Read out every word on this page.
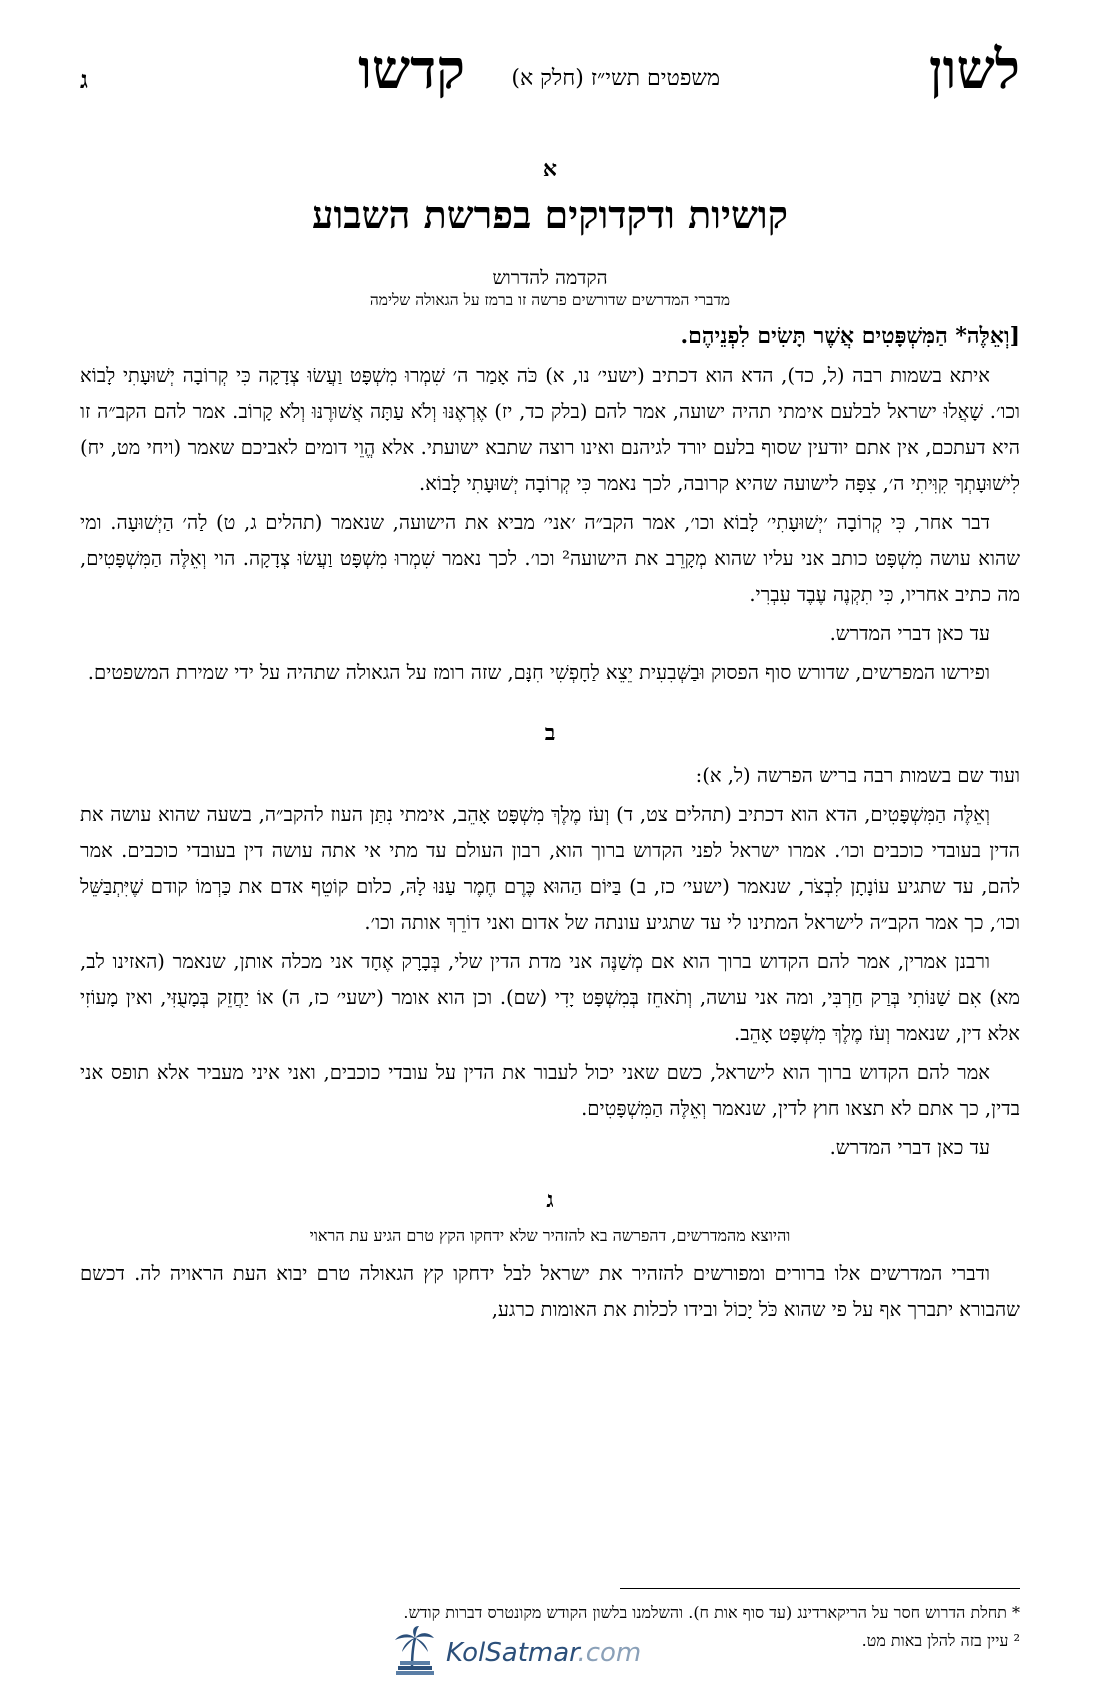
לשון
משפטים תשי״ז (חלק א)
קדשו
ג
א
קושיות ודקדוקים בפרשת השבוע
הקדמה להדרוש
מדברי המדרשים שדורשים פרשה זו ברמז על הגאולה שלימה
[וְאֵלֶּה* הַמִּשְׁפָּטִים אֲשֶׁר תָּשִׂים לִפְנֵיהֶם.

איתא בשמות רבה (ל, כד), הדא הוא דכתיב (ישעי׳ נו, א) כֹּה אָמַר ה׳ שִׁמְרוּ מִשְׁפָּט וַעֲשׂוּ צְדָקָה כִּי קְרוֹבָה יְשׁוּעָתִי לָבוֹא וכו׳. שָׁאֲלוּ ישראל לבלעם אימתי תהיה ישועה, אמר להם (בלק כד, יז) אֶרְאֶנּוּ וְלֹא עַתָּה אֲשׁוּרֶנּוּ וְלֹא קָרוֹב. אמר להם הקב״ה זו היא דעתכם, אין אתם יודעין שסוף בלעם יורד לגיהנם ואינו רוצה שתבא ישועתי. אלא הֱוֵי דומים לאביכם שאמר (ויחי מט, יח) לִישׁוּעָתְךָ קִוִּיתִי ה׳, צִפָּה לישועה שהיא קרובה, לכך נאמר כִּי קְרוֹבָה יְשׁוּעָתִי לָבוֹא.

דבר אחר, כִּי קְרוֹבָה ׳יְשׁוּעָתִי׳ לָבוֹא וכו׳, אמר הקב״ה ׳אני׳ מביא את הישועה, שנאמר (תהלים ג, ט) לַה׳ הַיְשׁוּעָה. ומי שהוא עושה מִשְׁפָּט כותב אני עליו שהוא מְקָרֵב את הישועה² וכו׳. לכך נאמר שִׁמְרוּ מִשְׁפָּט וַעֲשׂוּ צְדָקָה. הוי וְאֵלֶּה הַמִּשְׁפָּטִים, מה כתיב אחריו, כִּי תִקְנֶה עֶבֶד עִבְרִי.

עד כאן דברי המדרש.

ופירשו המפרשים, שדורש סוף הפסוק וּבַשְּׁבִעִית יֵצֵא לַחָפְשִׁי חִנָּם, שזה רומז על הגאולה שתהיה על ידי שמירת המשפטים.

ב

ועוד שם בשמות רבה בריש הפרשה (ל, א):

וְאֵלֶּה הַמִּשְׁפָּטִים, הדא הוא דכתיב (תהלים צט, ד) וְעֹז מֶלֶךְ מִשְׁפָּט אָהֵב, אימתי נִתַּן העוז להקב״ה, בשעה שהוא עושה את הדין בעובדי כוכבים וכו׳. אמרו ישראל לפני הקדוש ברוך הוא, רבון העולם עד מתי אי אתה עושה דין בעובדי כוכבים. אמר להם, עד שתגיע עוֹנָתָן לִבְצֹר, שנאמר (ישעי׳ כז, ב) בַּיּוֹם הַהוּא כֶּרֶם חֶמֶר עַנּוּ לָהּ, כלום קוֹטֵף אדם את כַּרְמוֹ קודם שֶׁיִּתְבַּשֵּׁל וכו׳, כך אמר הקב״ה לישראל המתינו לי עד שתגיע עונתה של אדום ואני דוֹרֵךְ אותה וכו׳.

ורבנן אמרין, אמר להם הקדוש ברוך הוא אם מְשַׁנֶּה אני מדת הדין שלי, בְּבָרָק אֶחָד אני מכלה אותן, שנאמר (האזינו לב, מא) אִם שַׁנּוֹתִי בְּרַק חַרְבִּי, ומה אני עושה, וְתֹאחֵז בְּמִשְׁפָּט יָדִי (שם). וכן הוא אומר (ישעי׳ כז, ה) אוֹ יַחֲזֵק בְּמָעֻזִּי, ואין מָעוֹזִי אלא דין, שנאמר וְעֹז מֶלֶךְ מִשְׁפָּט אָהֵב.

אמר להם הקדוש ברוך הוא לישראל, כשם שאני יכול לעבור את הדין על עובדי כוכבים, ואני איני מעביר אלא תופס אני בדין, כך אתם לא תצאו חוץ לדין, שנאמר וְאֵלֶּה הַמִּשְׁפָּטִים.

עד כאן דברי המדרש.

ג
והיוצא מהמדרשים, דהפרשה בא להזהיר שלא ידחקו הקץ טרם הגיע עת הראוי

ודברי המדרשים אלו ברורים ומפורשים להזהיר את ישראל לבל ידחקו קץ הגאולה טרם יבוא העת הראויה לה. דכשם שהבורא יתברך אף על פי שהוא כֹּל יָכוֹל ובידו לכלות את האומות כרגע,

* תחלת הדרוש חסר על הריקארדינג (עד סוף אות ח). והשלמנו בלשון הקודש מקונטרס דברות קודש.

² עיין בזה להלן באות מט.

KolSatmar.com
